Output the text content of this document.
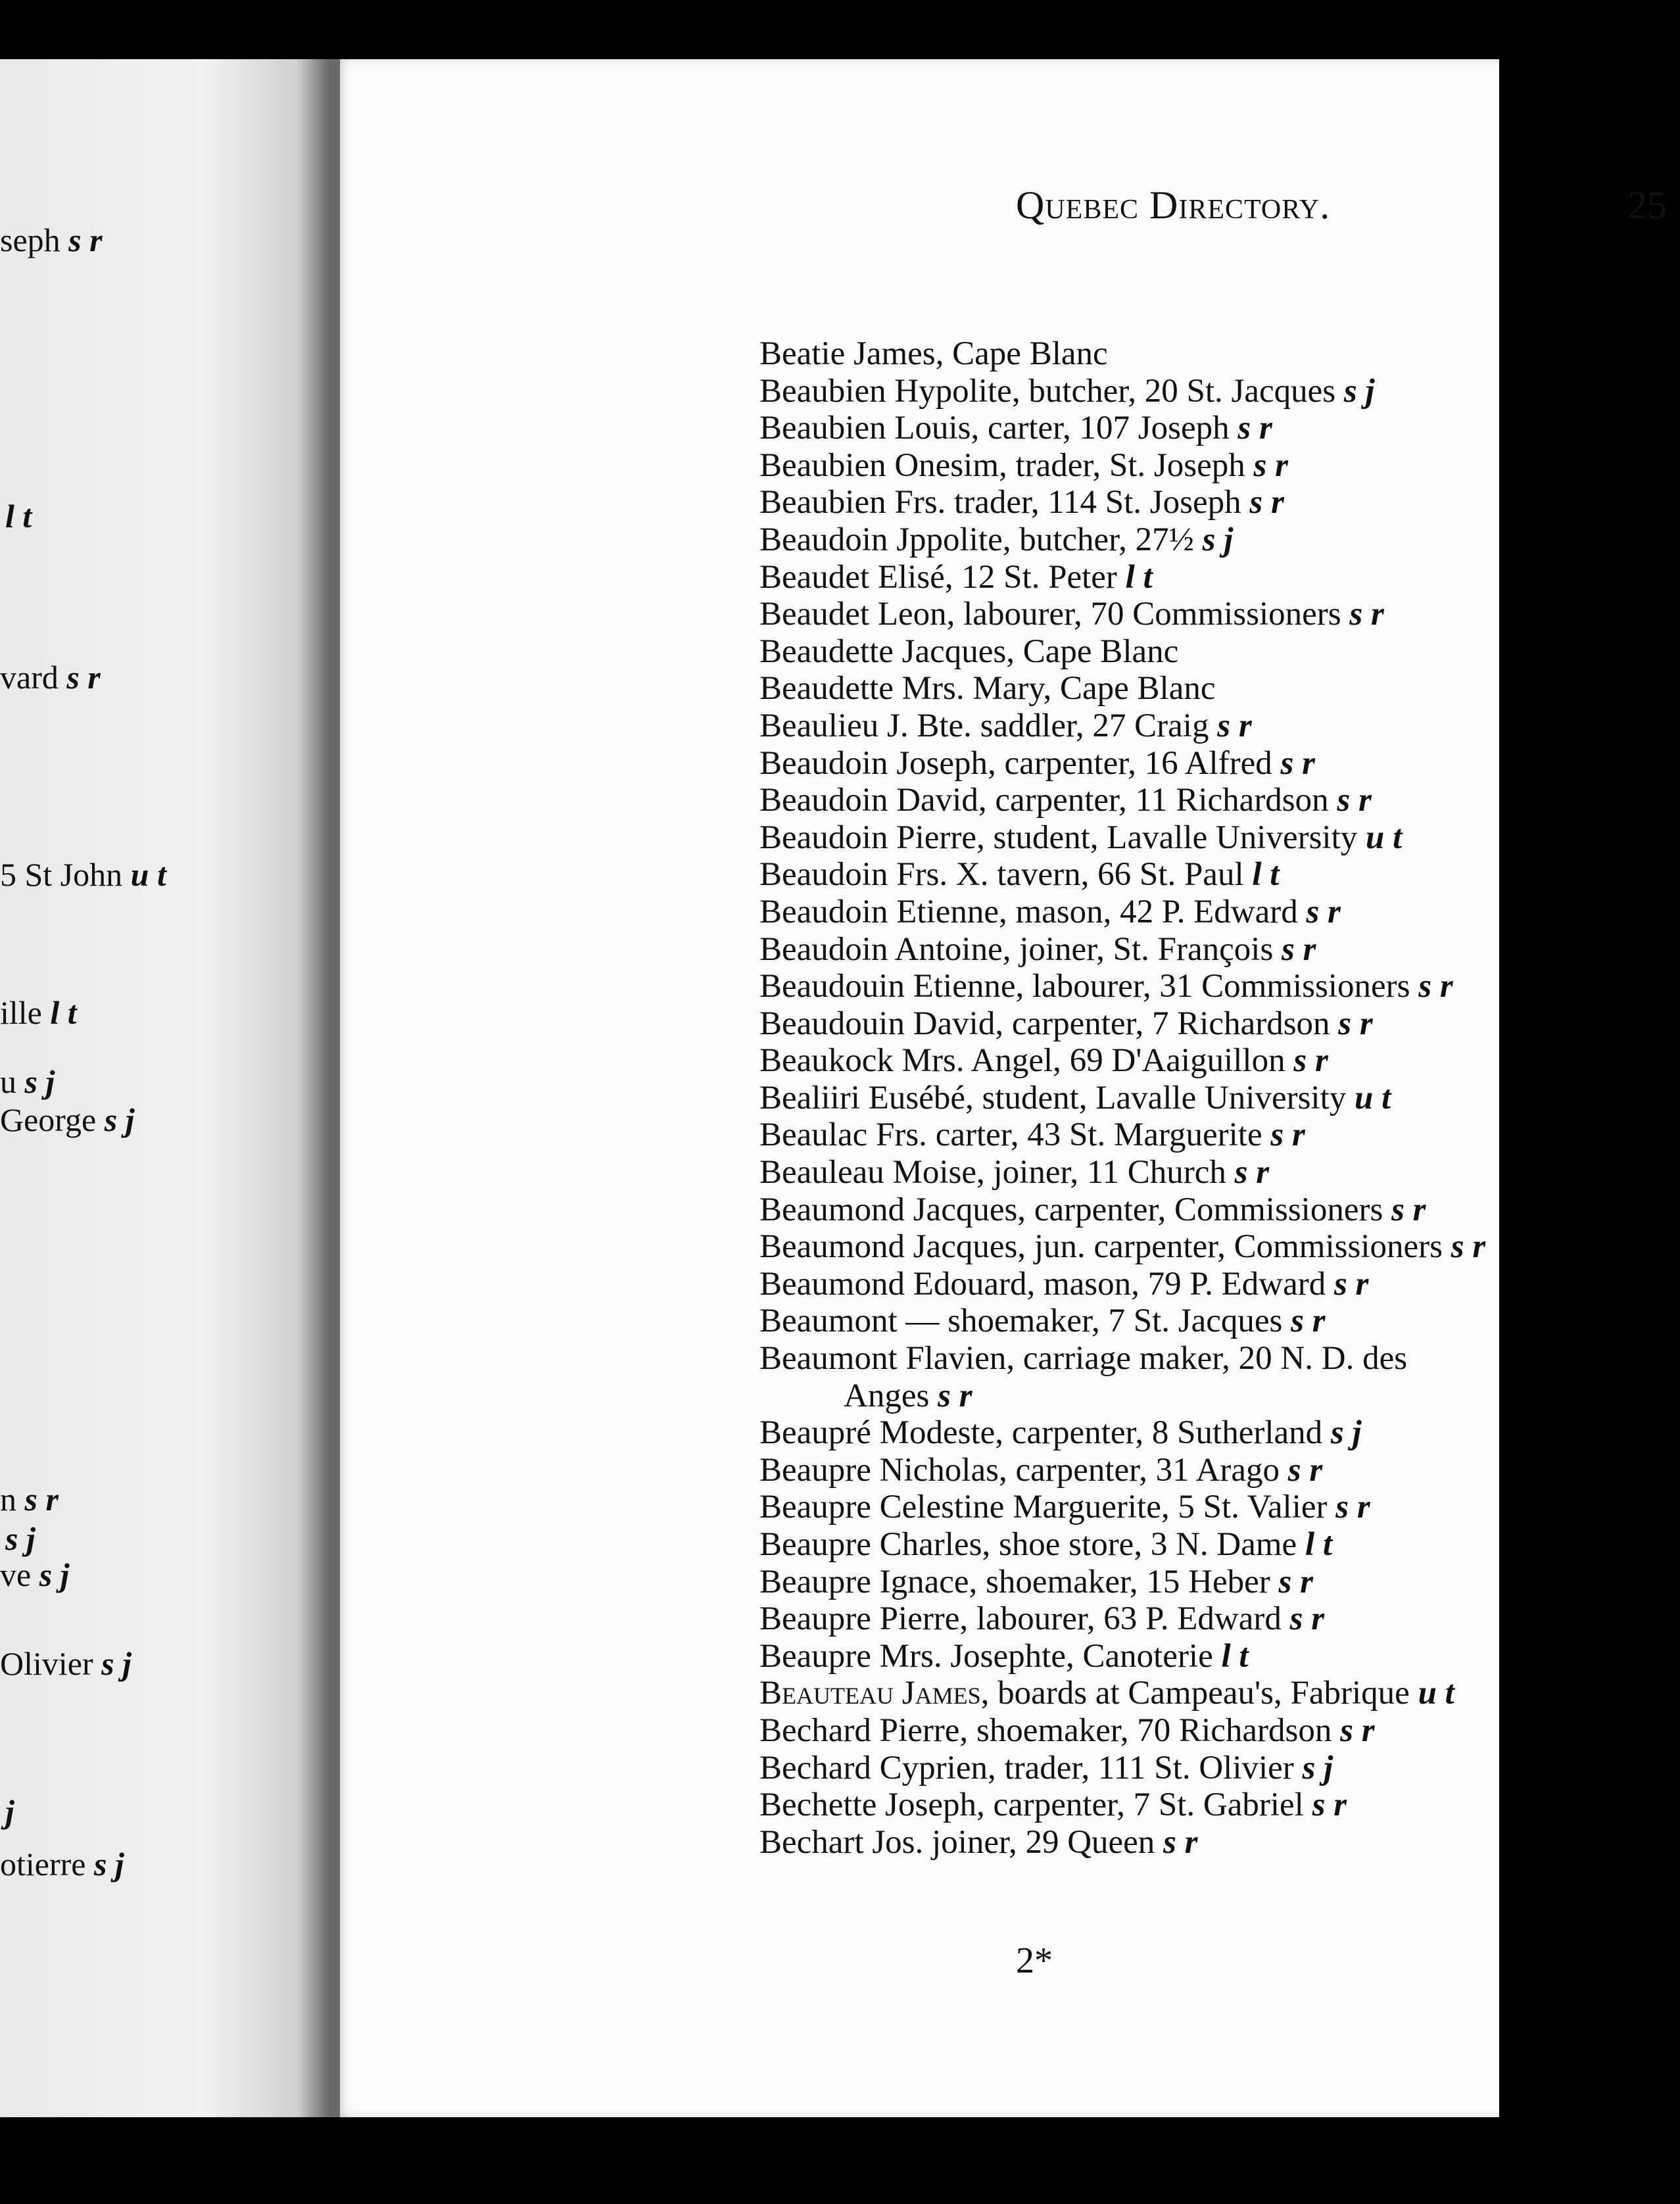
seph s r

l t

vard s r

5 St John u t

ille l t

u s j

George s j

n s r

s j

ve s j

Olivier s j

j

otierre s j

Quebec Directory.	25
Beatie James, Cape Blanc
Beaubien Hypolite, butcher, 20 St. Jacques s j
Beaubien Louis, carter, 107 Joseph s r
Beaubien Onesim, trader, St. Joseph s r
Beaubien Frs. trader, 114 St. Joseph s r
Beaudoin Jppolite, butcher, 27½ s j
Beaudet Elisé, 12 St. Peter l t
Beaudet Leon, labourer, 70 Commissioners s r
Beaudette Jacques, Cape Blanc
Beaudette Mrs. Mary, Cape Blanc
Beaulieu J. Bte. saddler, 27 Craig s r
Beaudoin Joseph, carpenter, 16 Alfred s r
Beaudoin David, carpenter, 11 Richardson s r
Beaudoin Pierre, student, Lavalle University u t
Beaudoin Frs. X. tavern, 66 St. Paul l t
Beaudoin Etienne, mason, 42 P. Edward s r
Beaudoin Antoine, joiner, St. François s r
Beaudouin Etienne, labourer, 31 Commissioners s r
Beaudouin David, carpenter, 7 Richardson s r
Beaukock Mrs. Angel, 69 D'Aaiguillon s r
Bealiiri Eusébé, student, Lavalle University u t
Beaulac Frs. carter, 43 St. Marguerite s r
Beauleau Moise, joiner, 11 Church s r
Beaumond Jacques, carpenter, Commissioners s r
Beaumond Jacques, jun. carpenter, Commissioners s r
Beaumond Edouard, mason, 79 P. Edward s r
Beaumont — shoemaker, 7 St. Jacques s r
Beaumont Flavien, carriage maker, 20 N. D. des
Anges s r
Beaupré Modeste, carpenter, 8 Sutherland s j
Beaupre Nicholas, carpenter, 31 Arago s r
Beaupre Celestine Marguerite, 5 St. Valier s r
Beaupre Charles, shoe store, 3 N. Dame l t
Beaupre Ignace, shoemaker, 15 Heber s r
Beaupre Pierre, labourer, 63 P. Edward s r
Beaupre Mrs. Josephte, Canoterie l t
Beauteau James, boards at Campeau's, Fabrique u t
Bechard Pierre, shoemaker, 70 Richardson s r
Bechard Cyprien, trader, 111 St. Olivier s j
Bechette Joseph, carpenter, 7 St. Gabriel s r
Bechart Jos. joiner, 29 Queen s r
2*
